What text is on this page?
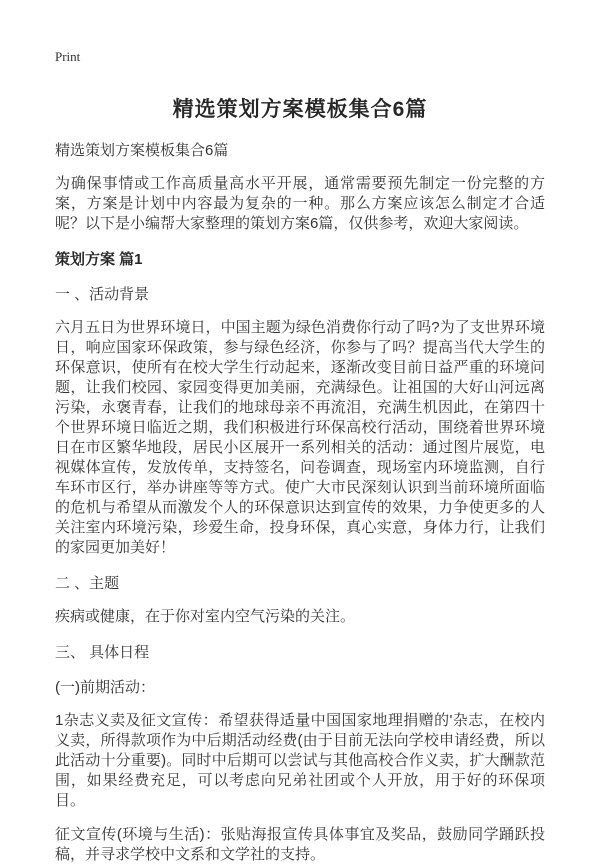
Print
精选策划方案模板集合6篇
精选策划方案模板集合6篇

为确保事情或工作高质量高水平开展，通常需要预先制定一份完整的方案，方案是计划中内容最为复杂的一种。那么方案应该怎么制定才合适呢？以下是小编帮大家整理的策划方案6篇，仅供参考，欢迎大家阅读。

策划方案 篇1
一 、活动背景

六月五日为世界环境日，中国主题为绿色消费你行动了吗?为了支世界环境日，响应国家环保政策，参与绿色经济，你参与了吗？提高当代大学生的环保意识，使所有在校大学生行动起来，逐渐改变目前日益严重的环境问题，让我们校园、家园变得更加美丽，充满绿色。让祖国的大好山河远离污染，永褒青春，让我们的地球母亲不再流泪，充满生机因此，在第四十个世界环境日临近之期，我们积极进行环保高校行活动，围绕着世界环境日在市区繁华地段，居民小区展开一系列相关的活动：通过图片展览，电视媒体宣传，发放传单，支持签名，问卷调查，现场室内环境监测，自行车环市区行，举办讲座等等方式。使广大市民深刻认识到当前环境所面临的危机与希望从而激发个人的环保意识达到宣传的效果，力争使更多的人关注室内环境污染，珍爱生命，投身环保，真心实意，身体力行，让我们的家园更加美好！

二 、主题

疾病或健康，在于你对室内空气污染的关注。

三、 具体日程
(一)前期活动：

1杂志义卖及征文宣传：希望获得适量中国国家地理捐赠的'杂志，在校内义卖，所得款项作为中后期活动经费(由于目前无法向学校申请经费，所以此活动十分重要)。同时中后期可以尝试与其他高校合作义卖，扩大酬款范围，如果经费充足，可以考虑向兄弟社团或个人开放，用于好的环保项目。

征文宣传(环境与生活)：张贴海报宣传具体事宜及奖品，鼓励同学踊跃投稿，并寻求学校中文系和文学社的支持。
